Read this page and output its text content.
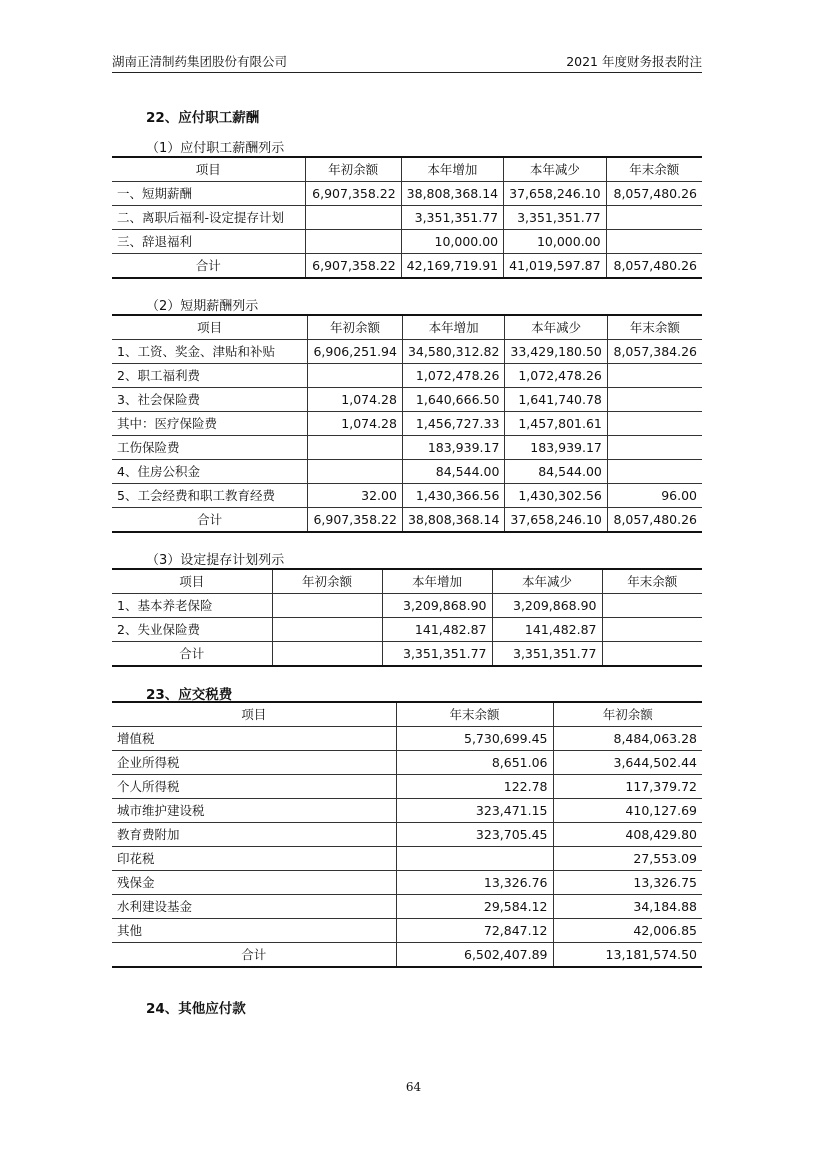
湖南正清制药集团股份有限公司	2021 年度财务报表附注
22、应付职工薪酬
（1）应付职工薪酬列示
项目	年初余额	本年增加	本年减少	年末余额
一、短期薪酬	6,907,358.22	38,808,368.14	37,658,246.10	8,057,480.26
二、离职后福利-设定提存计划		3,351,351.77	3,351,351.77	
三、辞退福利		10,000.00	10,000.00	
合计	6,907,358.22	42,169,719.91	41,019,597.87	8,057,480.26
（2）短期薪酬列示
项目	年初余额	本年增加	本年减少	年末余额
1、工资、奖金、津贴和补贴	6,906,251.94	34,580,312.82	33,429,180.50	8,057,384.26
2、职工福利费		1,072,478.26	1,072,478.26	
3、社会保险费	1,074.28	1,640,666.50	1,641,740.78	
其中：医疗保险费	1,074.28	1,456,727.33	1,457,801.61	
工伤保险费		183,939.17	183,939.17	
4、住房公积金		84,544.00	84,544.00	
5、工会经费和职工教育经费	32.00	1,430,366.56	1,430,302.56	96.00
合计	6,907,358.22	38,808,368.14	37,658,246.10	8,057,480.26
（3）设定提存计划列示
项目	年初余额	本年增加	本年减少	年末余额
1、基本养老保险		3,209,868.90	3,209,868.90	
2、失业保险费		141,482.87	141,482.87	
合计		3,351,351.77	3,351,351.77	
23、应交税费
项目	年末余额	年初余额
增值税	5,730,699.45	8,484,063.28
企业所得税	8,651.06	3,644,502.44
个人所得税	122.78	117,379.72
城市维护建设税	323,471.15	410,127.69
教育费附加	323,705.45	408,429.80
印花税		27,553.09
残保金	13,326.76	13,326.75
水利建设基金	29,584.12	34,184.88
其他	72,847.12	42,006.85
合计	6,502,407.89	13,181,574.50
24、其他应付款
64
